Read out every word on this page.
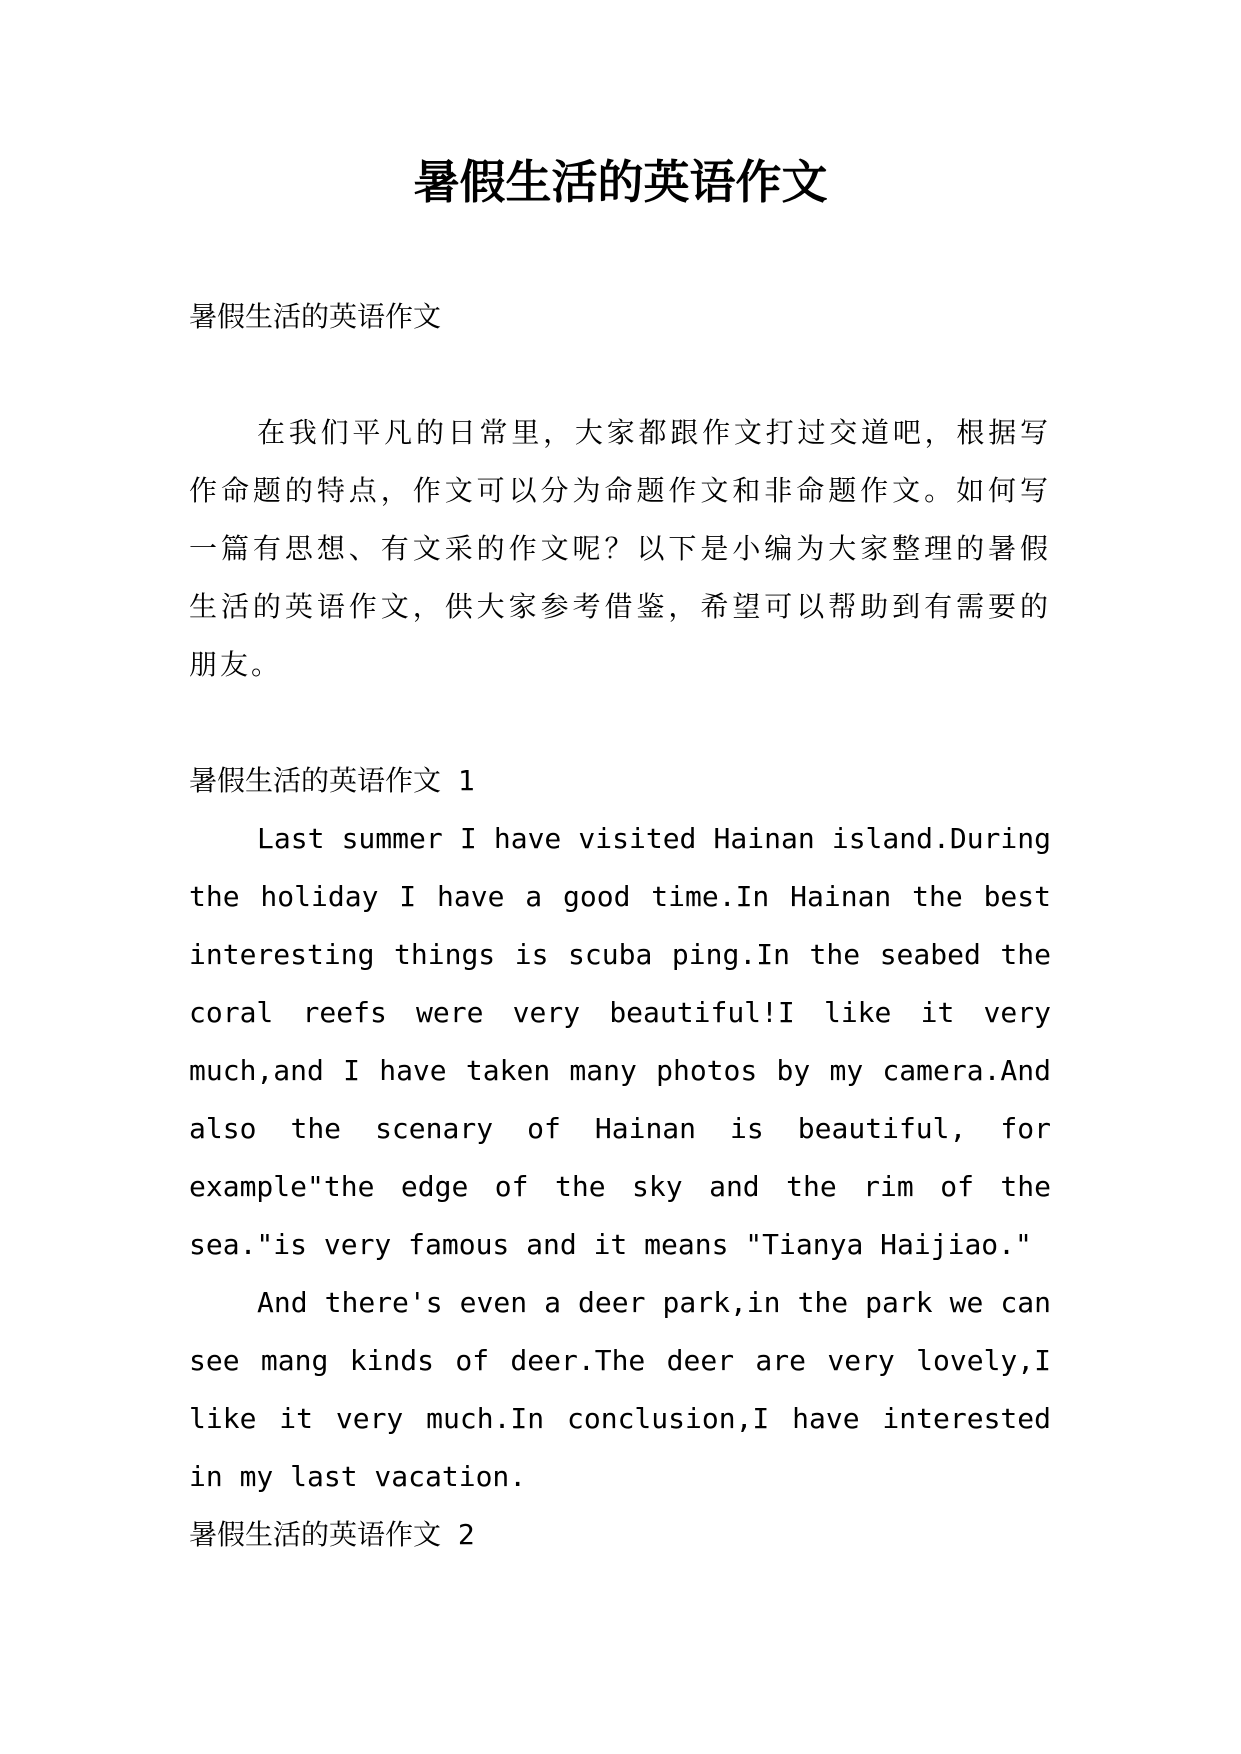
暑假生活的英语作文

暑假生活的英语作文

在我们平凡的日常里，大家都跟作文打过交道吧，根据写作命题的特点，作文可以分为命题作文和非命题作文。如何写一篇有思想、有文采的作文呢？以下是小编为大家整理的暑假生活的英语作文，供大家参考借鉴，希望可以帮助到有需要的朋友。

暑假生活的英语作文 1

Last summer I have visited Hainan island.During the holiday I have a good time.In Hainan the best interesting things is scuba ping.In the seabed the coral reefs were very beautiful!I like it very much,and I have taken many photos by my camera.And also the scenary of Hainan is beautiful, for example"the edge of the sky and the rim of the sea."is very famous and it means "Tianya Haijiao."

And there's even a deer park,in the park we can see mang kinds of deer.The deer are very lovely,I like it very much.In conclusion,I have interested in my last vacation.

暑假生活的英语作文 2
